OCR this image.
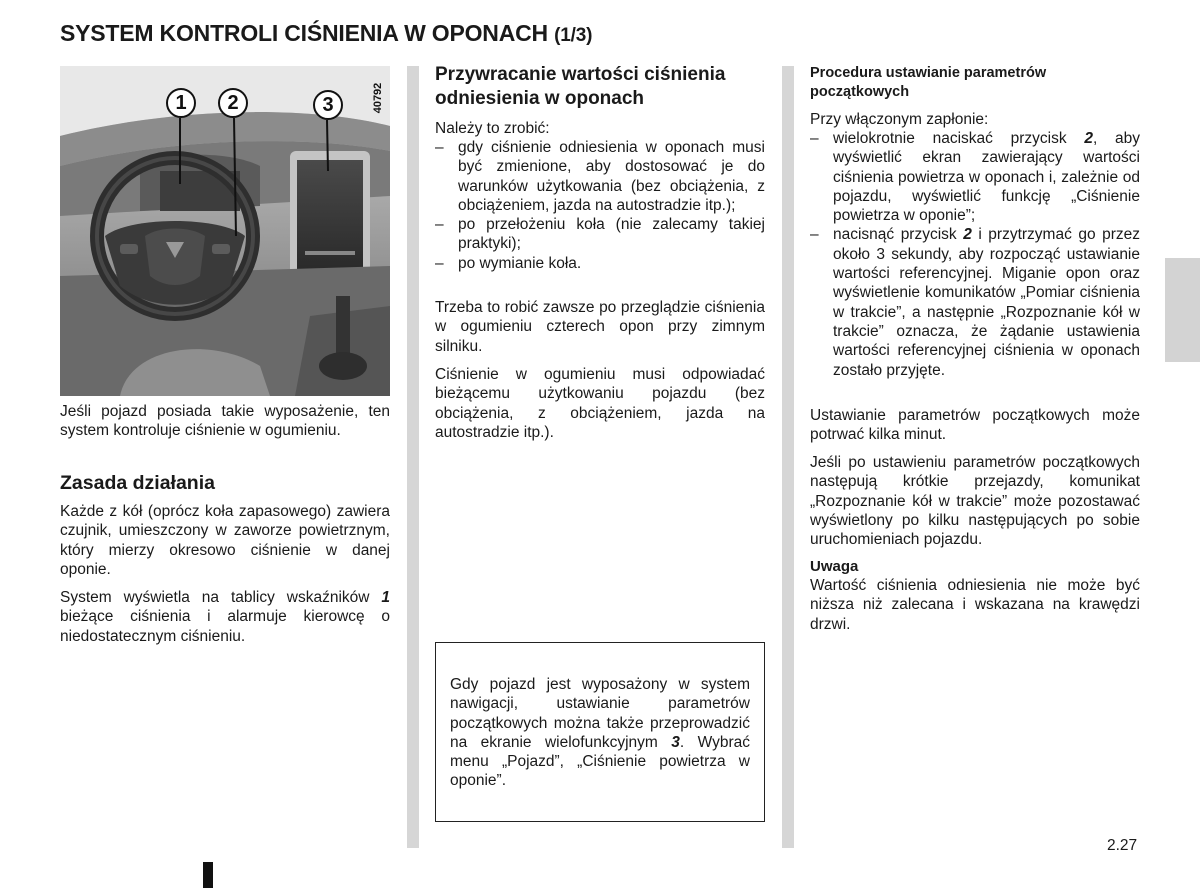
SYSTEM KONTROLI CIŚNIENIA W OPONACH (1/3)
40792
1	2	3

Jeśli pojazd posiada takie wyposażenie, ten system kontroluje ciśnienie w ogumieniu.

Zasada działania

Każde z kół (oprócz koła zapasowego) zawiera czujnik, umieszczony w zaworze powietrznym, który mierzy okresowo ciśnienie w danej oponie.

System wyświetla na tablicy wskaźników 1 bieżące ciśnienia i alarmuje kierowcę o niedostatecznym ciśnieniu.

Przywracanie wartości ciśnienia odniesienia w oponach

Należy to zrobić:

– gdy ciśnienie odniesienia w oponach musi być zmienione, aby dostosować je do warunków użytkowania (bez obciążenia, z obciążeniem, jazda na autostradzie itp.);
– po przełożeniu koła (nie zalecamy takiej praktyki);
– po wymianie koła.

Trzeba to robić zawsze po przeglądzie ciśnienia w ogumieniu czterech opon przy zimnym silniku.

Ciśnienie w ogumieniu musi odpowiadać bieżącemu użytkowaniu pojazdu (bez obciążenia, z obciążeniem, jazda na autostradzie itp.).

Gdy pojazd jest wyposażony w system nawigacji, ustawianie parametrów początkowych można także przeprowadzić na ekranie wielofunkcyjnym 3. Wybrać menu „Pojazd”, „Ciśnienie powietrza w oponie”.
Procedura ustawianie parametrów początkowych

Przy włączonym zapłonie:

– wielokrotnie naciskać przycisk 2, aby wyświetlić ekran zawierający wartości ciśnienia powietrza w oponach i, zależnie od pojazdu, wyświetlić funkcję „Ciśnienie powietrza w oponie”;
– nacisnąć przycisk 2 i przytrzymać go przez około 3 sekundy, aby rozpocząć ustawianie wartości referencyjnej. Miganie opon oraz wyświetlenie komunikatów „Pomiar ciśnienia w trakcie”, a następnie „Rozpoznanie kół w trakcie” oznacza, że żądanie ustawienia wartości referencyjnej ciśnienia w oponach zostało przyjęte.

Ustawianie parametrów początkowych może potrwać kilka minut.

Jeśli po ustawieniu parametrów początkowych następują krótkie przejazdy, komunikat „Rozpoznanie kół w trakcie” może pozostawać wyświetlony po kilku następujących po sobie uruchomieniach pojazdu.

Uwaga

Wartość ciśnienia odniesienia nie może być niższa niż zalecana i wskazana na krawędzi drzwi.

2.27
